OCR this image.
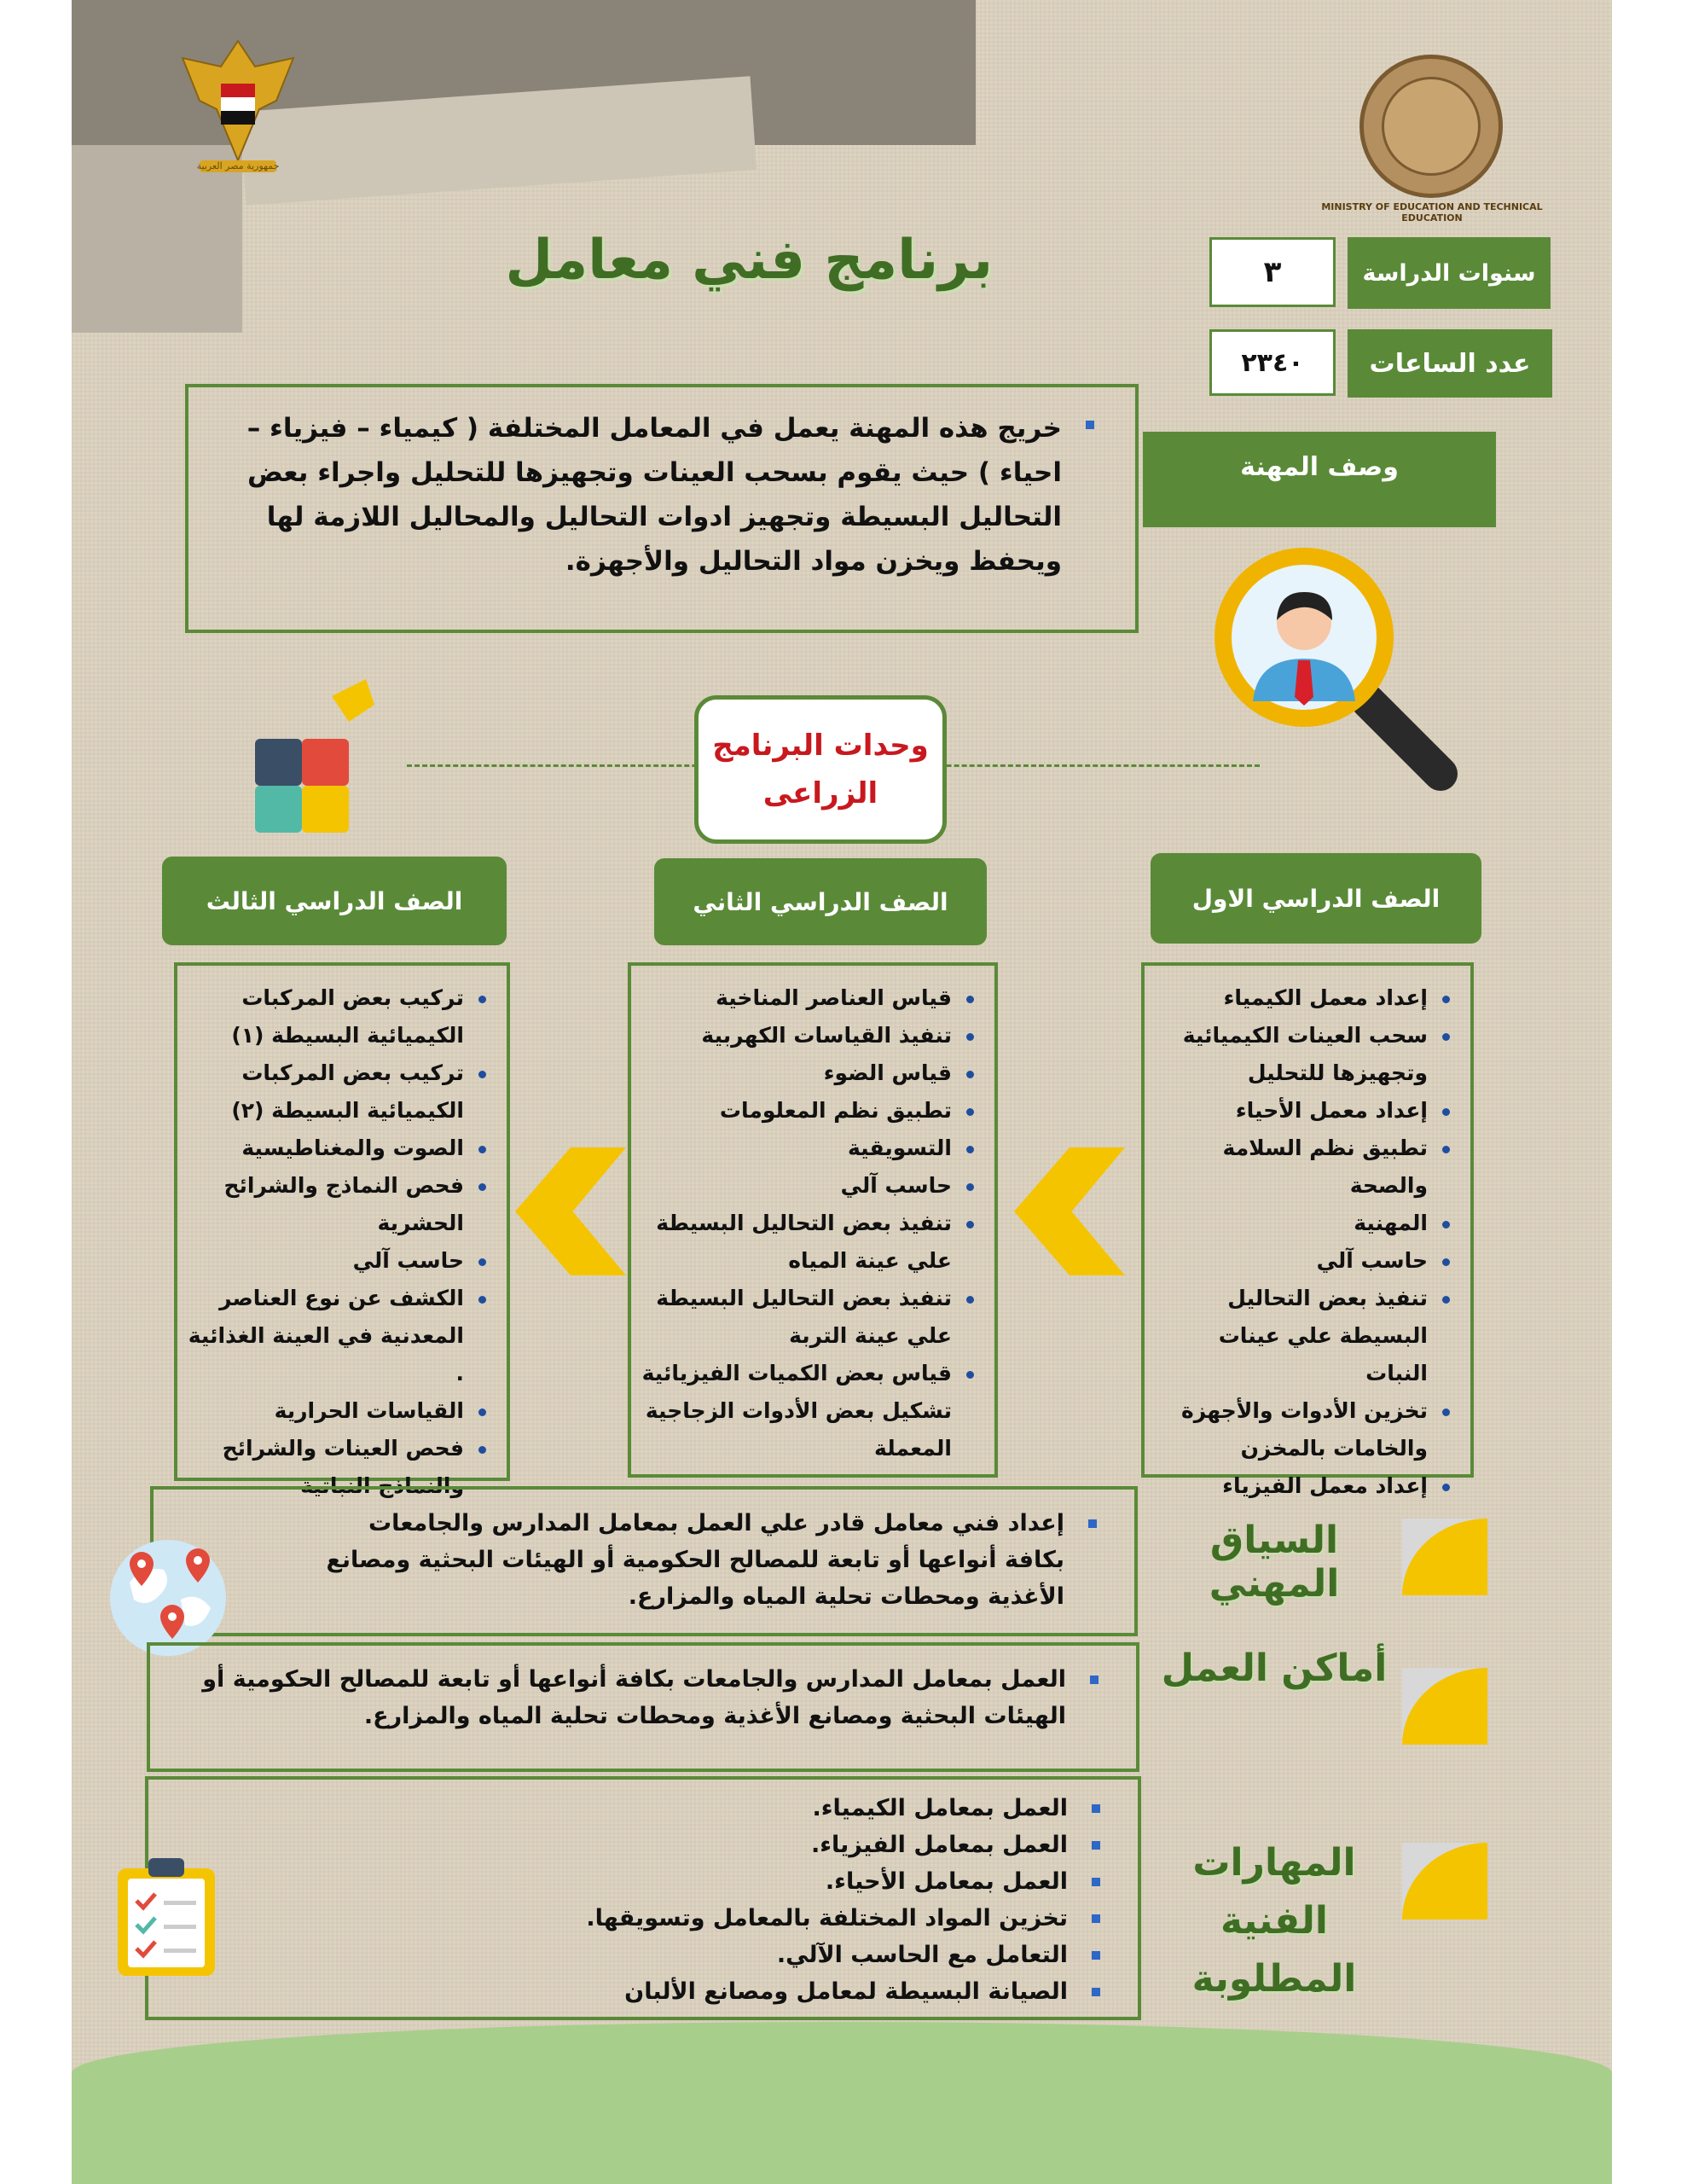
جمهورية مصر العربية
MINISTRY OF EDUCATION AND TECHNICAL EDUCATION
برنامج فني معامل	سنوات الدراسة
٣
عدد الساعات
٢٣٤٠
وصف المهنة
خريج هذه المهنة يعمل في المعامل المختلفة ( كيمياء – فيزياء – احياء ) حيث يقوم بسحب العينات وتجهيزها للتحليل واجراء بعض التحاليل البسيطة وتجهيز ادوات التحاليل والمحاليل اللازمة لها ويحفظ ويخزن مواد التحاليل والأجهزة.
وحدات البرنامج
الزراعى
الصف الدراسي الاول
الصف الدراسي الثاني
الصف الدراسي الثالث
إعداد معمل الكيمياء
سحب العينات الكيميائية وتجهيزها للتحليل
إعداد معمل الأحياء
تطبيق نظم السلامة والصحة
المهنية
حاسب آلي
تنفيذ بعض التحاليل البسيطة علي عينات النبات
تخزين الأدوات والأجهزة والخامات بالمخزن
إعداد معمل الفيزياء
قياس العناصر المناخية
تنفيذ القياسات الكهربية
قياس الضوء
تطبيق نظم المعلومات
التسويقية
حاسب آلي
تنفيذ بعض التحاليل البسيطة علي عينة المياه
تنفيذ بعض التحاليل البسيطة علي عينة التربة
قياس بعض الكميات الفيزيائية تشكيل بعض الأدوات الزجاجية المعملة
تركيب بعض المركبات الكيميائية البسيطة (١)
تركيب بعض المركبات الكيميائية البسيطة (٢)
الصوت والمغناطيسية
فحص النماذج والشرائح الحشرية
حاسب آلي
الكشف عن نوع العناصر المعدنية في العينة الغذائية .
القياسات الحرارية
فحص العينات والشرائح والنماذج النباتية
إعداد فني معامل قادر علي العمل بمعامل المدارس والجامعات بكافة أنواعها أو تابعة للمصالح الحكومية أو الهيئات البحثية ومصانع الأغذية ومحطات تحلية المياه والمزارع.
السياق المهني
العمل بمعامل المدارس والجامعات بكافة أنواعها أو تابعة للمصالح الحكومية أو الهيئات البحثية ومصانع الأغذية ومحطات تحلية المياه والمزارع.
أماكن العمل
العمل بمعامل الكيمياء.
العمل بمعامل الفيزياء.
العمل بمعامل الأحياء.
تخزين المواد المختلفة بالمعامل وتسويقها.
التعامل مع الحاسب الآلي.
الصيانة البسيطة لمعامل ومصانع الألبان
المهارات الفنية
المطلوبة
